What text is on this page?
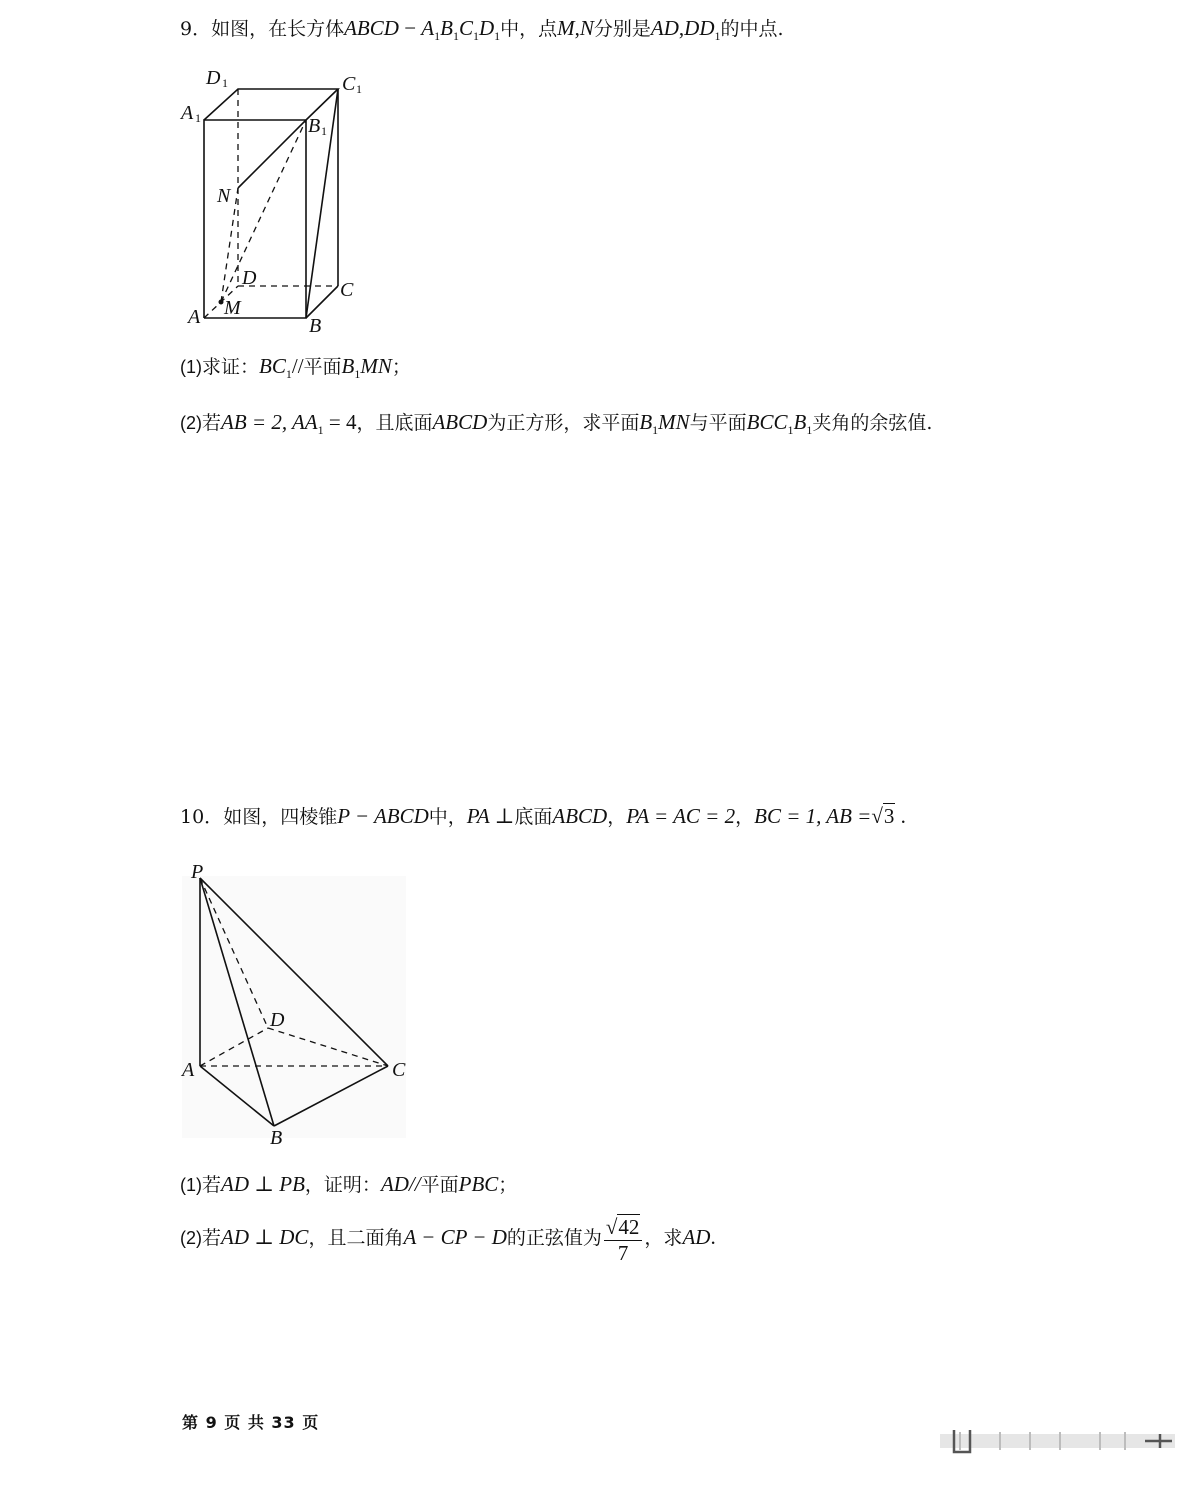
9．如图，在长方体ABCD − $A_1B_1C_1D_1$中，点M,N分别是$AD,DD_1$的中点.
D 1	C 1
A 1	B 1
N
D
C
A M
B
(1)求证：$BC_1//$平面$B_1MN$；
(2)若AB = 2, $AA_1 = 4$，且底面ABCD为正方形，求平面$B_1MN$与平面$BCC_1B_1$夹角的余弦值.
10．如图，四棱锥P − ABCD中，PA ⊥底面ABCD，PA = AC = 2，BC = 1, AB =√3 .
P
D
A	C
B
(1)若AD ⊥ PB，证明：AD//平面PBC；
(2)若AD ⊥ DC，且二面角A − CP − D的正弦值为 $\frac{√42}{7}$ ，求AD.
第 9 页 共 33 页
